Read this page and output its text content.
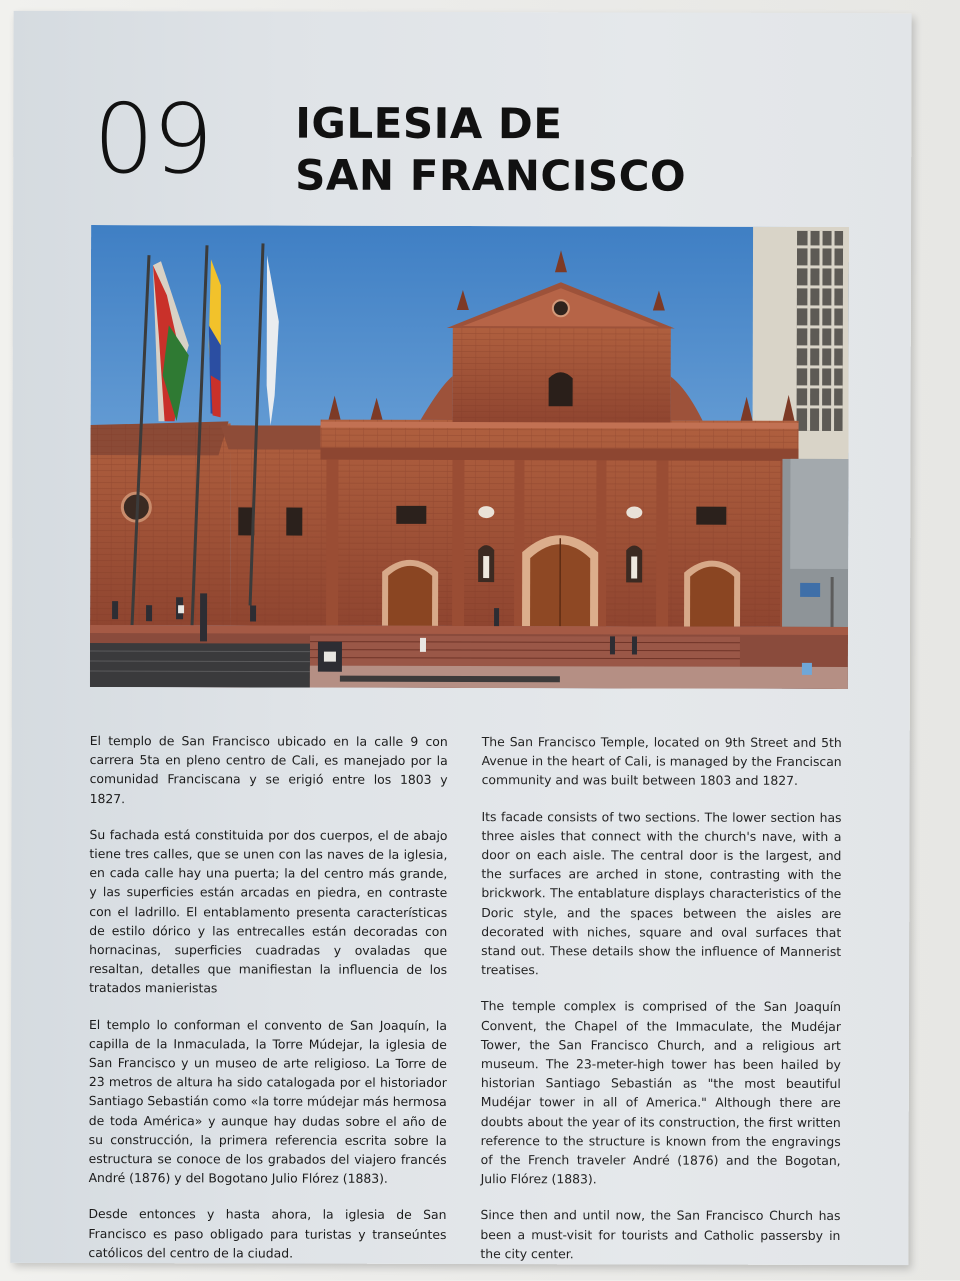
09 IGLESIA DE
SAN FRANCISCO

El templo de San Francisco ubicado en la calle 9 con carrera 5ta en pleno centro de Cali, es manejado por la comunidad Franciscana y se erigió entre los 1803 y 1827.

Su fachada está constituida por dos cuerpos, el de abajo tiene tres calles, que se unen con las naves de la iglesia, en cada calle hay una puerta; la del centro más grande, y las superficies están arcadas en piedra, en contraste con el ladrillo. El entablamento presenta características de estilo dórico y las entrecalles están decoradas con hornacinas, superficies cuadradas y ovaladas que resaltan, detalles que manifiestan la influencia de los tratados manieristas

El templo lo conforman el convento de San Joaquín, la capilla de la Inmaculada, la Torre Múdejar, la iglesia de San Francisco y un museo de arte religioso. La Torre de 23 metros de altura ha sido catalogada por el historiador Santiago Sebastián como «la torre múdejar más hermosa de toda América» y aunque hay dudas sobre el año de su construcción, la primera referencia escrita sobre la estructura se conoce de los grabados del viajero francés André (1876) y del Bogotano Julio Flórez (1883).

Desde entonces y hasta ahora, la iglesia de San Francisco es paso obligado para turistas y transeúntes católicos del centro de la ciudad.

The San Francisco Temple, located on 9th Street and 5th Avenue in the heart of Cali, is managed by the Franciscan community and was built between 1803 and 1827.

Its facade consists of two sections. The lower section has three aisles that connect with the church's nave, with a door on each aisle. The central door is the largest, and the surfaces are arched in stone, contrasting with the brickwork. The entablature displays characteristics of the Doric style, and the spaces between the aisles are decorated with niches, square and oval surfaces that stand out. These details show the influence of Mannerist treatises.

The temple complex is comprised of the San Joaquín Convent, the Chapel of the Immaculate, the Mudéjar Tower, the San Francisco Church, and a religious art museum. The 23-meter-high tower has been hailed by historian Santiago Sebastián as "the most beautiful Mudéjar tower in all of America." Although there are doubts about the year of its construction, the first written reference to the structure is known from the engravings of the French traveler André (1876) and the Bogotan, Julio Flórez (1883).

Since then and until now, the San Francisco Church has been a must-visit for tourists and Catholic passersby in the city center.
